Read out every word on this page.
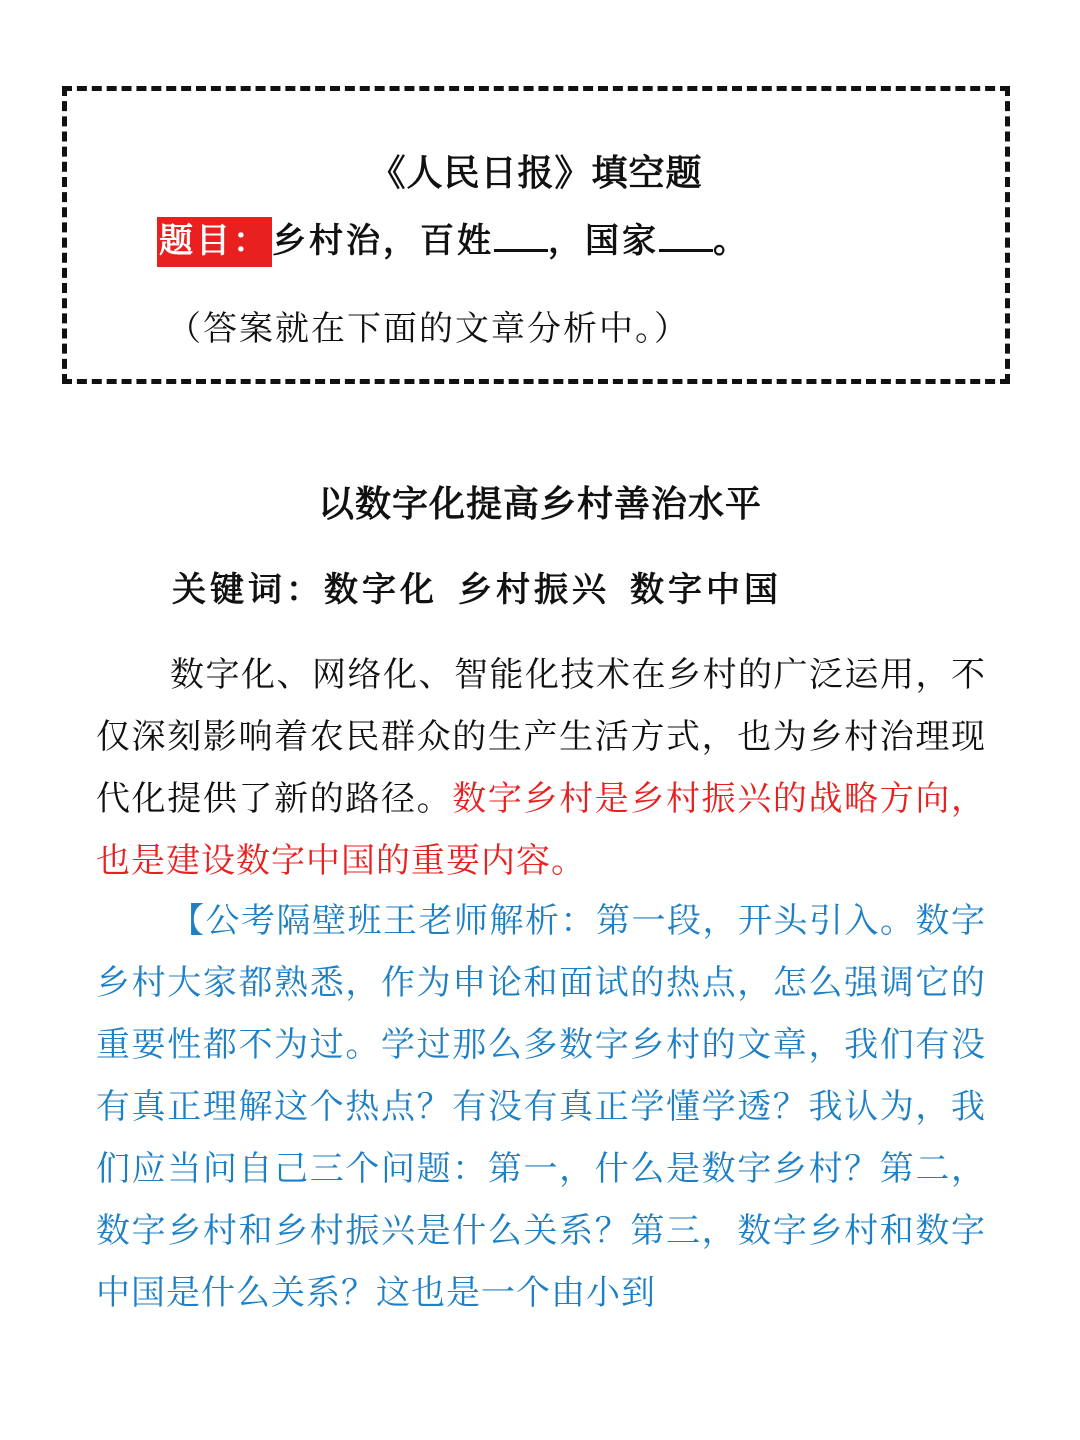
《人民日报》填空题
题目：乡村治，百姓 ，国家 。
（答案就在下面的文章分析中。）
以数字化提高乡村善治水平
关键词：数字化 乡村振兴 数字中国
数字化、网络化、智能化技术在乡村的广泛运用，不仅深刻影响着农民群众的生产生活方式，也为乡村治理现代化提供了新的路径。数字乡村是乡村振兴的战略方向，也是建设数字中国的重要内容。
【公考隔壁班王老师解析：第一段，开头引入。数字乡村大家都熟悉，作为申论和面试的热点，怎么强调它的重要性都不为过。学过那么多数字乡村的文章，我们有没有真正理解这个热点？有没有真正学懂学透？我认为，我们应当问自己三个问题：第一，什么是数字乡村？第二，数字乡村和乡村振兴是什么关系？第三，数字乡村和数字中国是什么关系？这也是一个由小到
